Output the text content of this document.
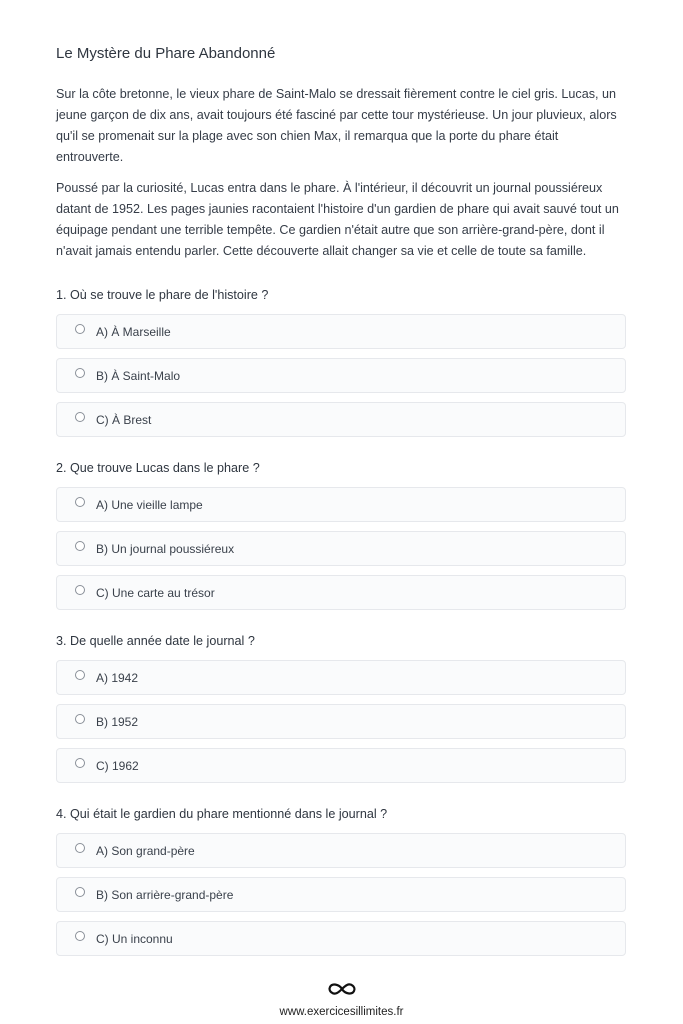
Le Mystère du Phare Abandonné

Sur la côte bretonne, le vieux phare de Saint-Malo se dressait fièrement contre le ciel gris. Lucas, un jeune garçon de dix ans, avait toujours été fasciné par cette tour mystérieuse. Un jour pluvieux, alors qu'il se promenait sur la plage avec son chien Max, il remarqua que la porte du phare était entrouverte.

Poussé par la curiosité, Lucas entra dans le phare. À l'intérieur, il découvrit un journal poussiéreux datant de 1952. Les pages jaunies racontaient l'histoire d'un gardien de phare qui avait sauvé tout un équipage pendant une terrible tempête. Ce gardien n'était autre que son arrière-grand-père, dont il n'avait jamais entendu parler. Cette découverte allait changer sa vie et celle de toute sa famille.

1. Où se trouve le phare de l'histoire ?
A) À Marseille
B) À Saint-Malo
C) À Brest
2. Que trouve Lucas dans le phare ?
A) Une vieille lampe
B) Un journal poussiéreux
C) Une carte au trésor
3. De quelle année date le journal ?
A) 1942
B) 1952
C) 1962
4. Qui était le gardien du phare mentionné dans le journal ?
A) Son grand-père
B) Son arrière-grand-père
C) Un inconnu
www.exercicesillimites.fr
